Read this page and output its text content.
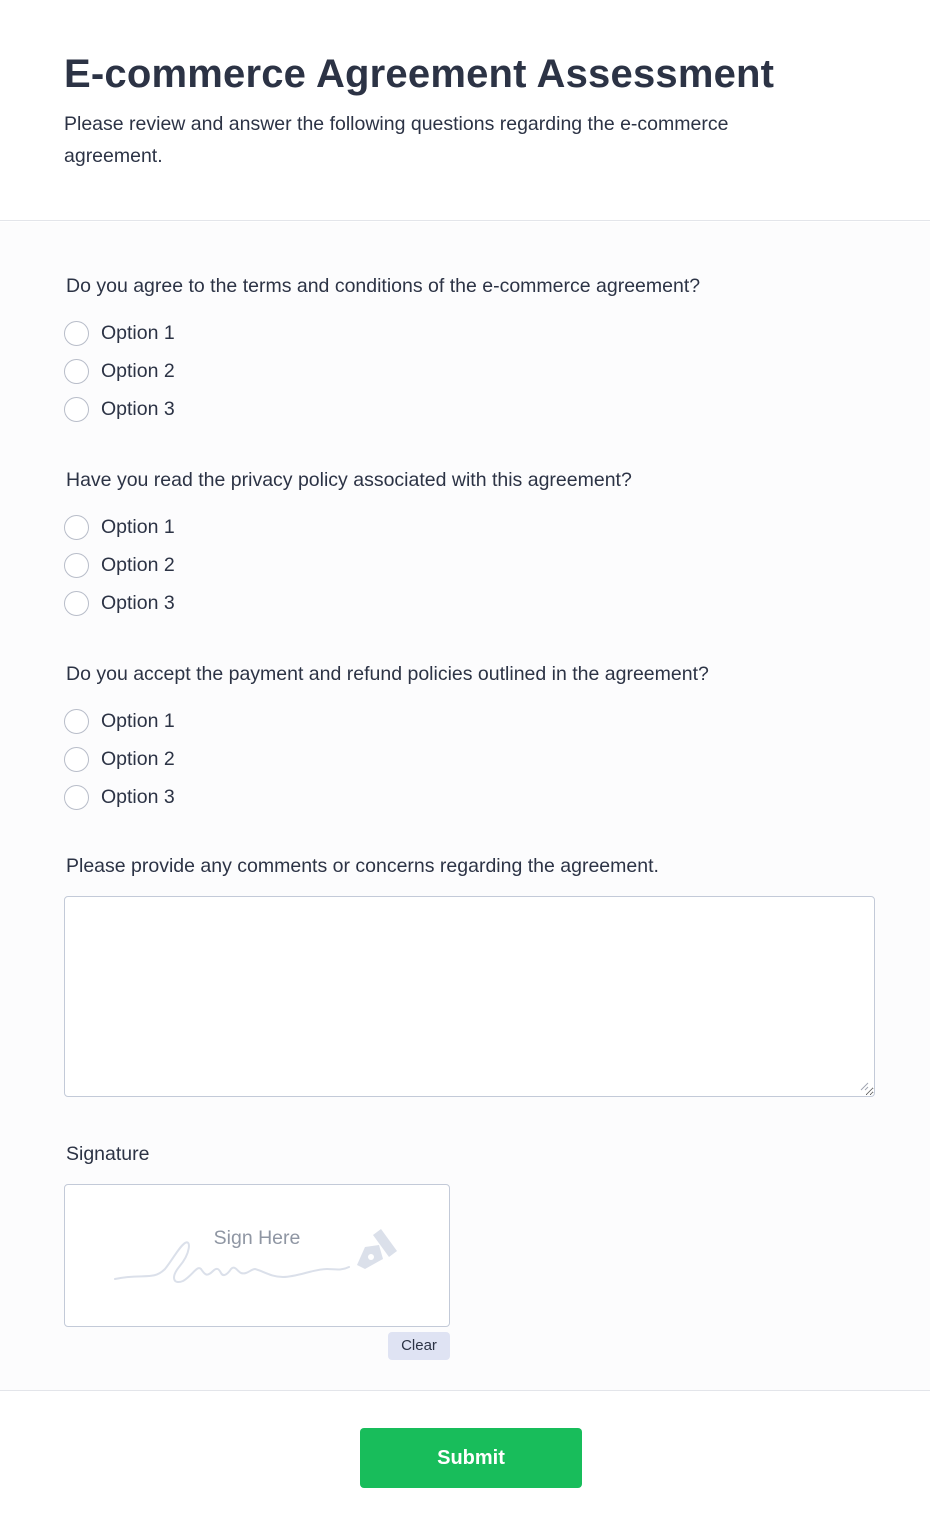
E-commerce Agreement Assessment

Please review and answer the following questions regarding the e-commerce agreement.

Do you agree to the terms and conditions of the e-commerce agreement?
Option 1
Option 2
Option 3
Have you read the privacy policy associated with this agreement?
Option 1
Option 2
Option 3
Do you accept the payment and refund policies outlined in the agreement?
Option 1
Option 2
Option 3
Please provide any comments or concerns regarding the agreement.
Signature
Sign Here
Clear
Submit
